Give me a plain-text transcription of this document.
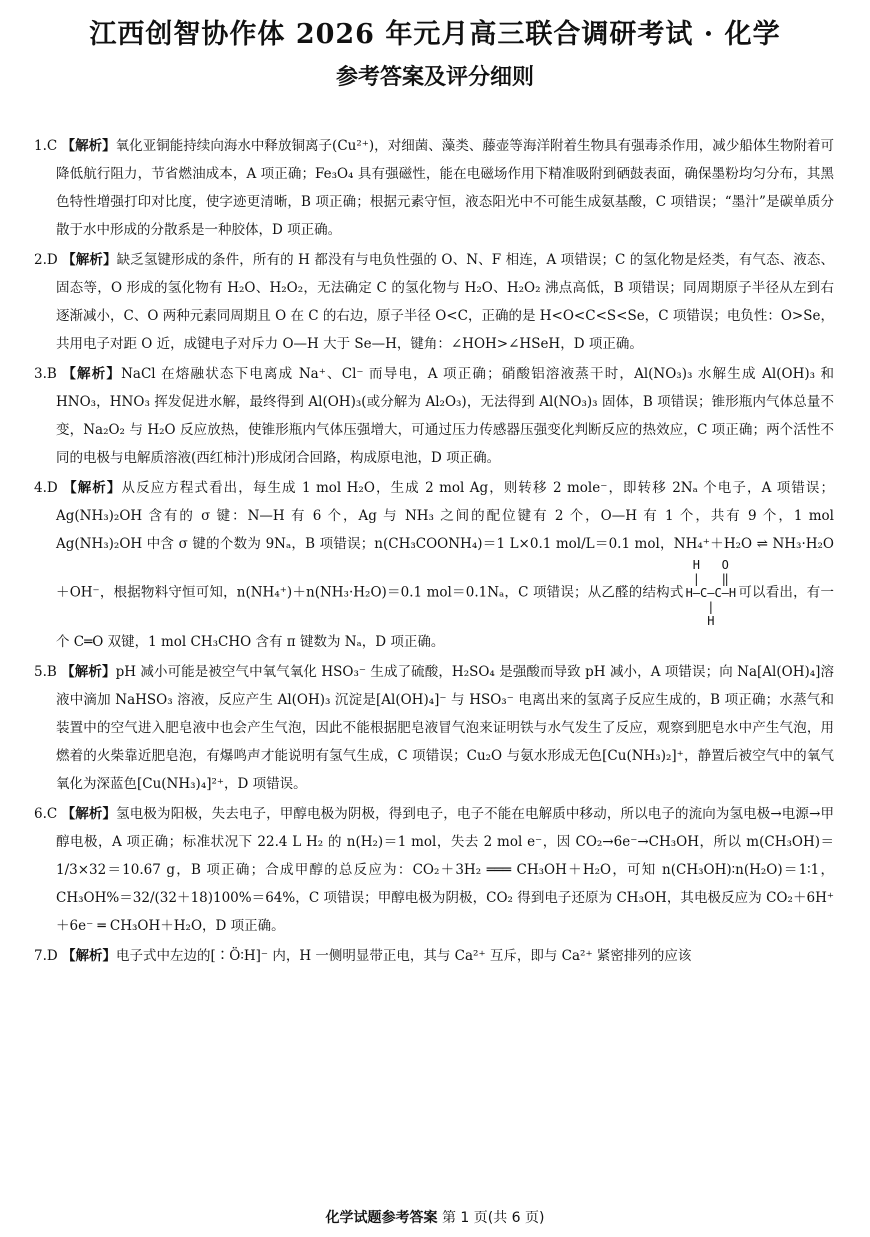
江西创智协作体 2026 年元月高三联合调研考试 · 化学
参考答案及评分细则

1.C 【解析】氧化亚铜能持续向海水中释放铜离子(Cu²⁺)，对细菌、藻类、藤壶等海洋附着生物具有强毒杀作用，减少船体生物附着可降低航行阻力，节省燃油成本，A 项正确；Fe₃O₄ 具有强磁性，能在电磁场作用下精准吸附到硒鼓表面，确保墨粉均匀分布，其黑色特性增强打印对比度，使字迹更清晰，B 项正确；根据元素守恒，液态阳光中不可能生成氨基酸，C 项错误；“墨汁”是碳单质分散于水中形成的分散系是一种胶体，D 项正确。

2.D 【解析】缺乏氢键形成的条件，所有的 H 都没有与电负性强的 O、N、F 相连，A 项错误；C 的氢化物是烃类，有气态、液态、固态等，O 形成的氢化物有 H₂O、H₂O₂，无法确定 C 的氢化物与 H₂O、H₂O₂ 沸点高低，B 项错误；同周期原子半径从左到右逐渐减小，C、O 两种元素同周期且 O 在 C 的右边，原子半径 O<C，正确的是 H<O<C<S<Se，C 项错误；电负性：O>Se，共用电子对距 O 近，成键电子对斥力 O—H 大于 Se—H，键角：∠HOH>∠HSeH，D 项正确。

3.B 【解析】NaCl 在熔融状态下电离成 Na⁺、Cl⁻ 而导电，A 项正确；硝酸铝溶液蒸干时，Al(NO₃)₃ 水解生成 Al(OH)₃ 和 HNO₃，HNO₃ 挥发促进水解，最终得到 Al(OH)₃(或分解为 Al₂O₃)，无法得到 Al(NO₃)₃ 固体，B 项错误；锥形瓶内气体总量不变，Na₂O₂ 与 H₂O 反应放热，使锥形瓶内气体压强增大，可通过压力传感器压强变化判断反应的热效应，C 项正确；两个活性不同的电极与电解质溶液(西红柿汁)形成闭合回路，构成原电池，D 项正确。

4.D 【解析】从反应方程式看出，每生成 1 mol H₂O，生成 2 mol Ag，则转移 2 mole⁻，即转移 2Nₐ 个电子，A 项错误；Ag(NH₃)₂OH 含有的 σ 键：N—H 有 6 个，Ag 与 NH₃ 之间的配位键有 2 个，O—H 有 1 个，共有 9 个，1 mol Ag(NH₃)₂OH 中含 σ 键的个数为 9Nₐ，B 项错误；n(CH₃COONH₄)＝1 L×0.1 mol/L＝0.1 mol，NH₄⁺＋H₂O ⇌ NH₃·H₂O＋OH⁻，根据物料守恒可知，n(NH₄⁺)＋n(NH₃·H₂O)＝0.1 mol＝0.1Nₐ，C 项错误；从乙醛的结构式
H   O
|   ‖
H—C—C—H
|
H
可以看出，有一个 C═O 双键，1 mol CH₃CHO 含有 π 键数为 Nₐ，D 项正确。

5.B 【解析】pH 减小可能是被空气中氧气氧化 HSO₃⁻ 生成了硫酸，H₂SO₄ 是强酸而导致 pH 减小，A 项错误；向 Na[Al(OH)₄]溶液中滴加 NaHSO₃ 溶液，反应产生 Al(OH)₃ 沉淀是[Al(OH)₄]⁻ 与 HSO₃⁻ 电离出来的氢离子反应生成的，B 项正确；水蒸气和装置中的空气进入肥皂液中也会产生气泡，因此不能根据肥皂液冒气泡来证明铁与水气发生了反应，观察到肥皂水中产生气泡，用燃着的火柴靠近肥皂泡，有爆鸣声才能说明有氢气生成，C 项错误；Cu₂O 与氨水形成无色[Cu(NH₃)₂]⁺，静置后被空气中的氧气氧化为深蓝色[Cu(NH₃)₄]²⁺，D 项错误。

6.C 【解析】氢电极为阳极，失去电子，甲醇电极为阴极，得到电子，电子不能在电解质中移动，所以电子的流向为氢电极→电源→甲醇电极，A 项正确；标准状况下 22.4 L H₂ 的 n(H₂)＝1 mol，失去 2 mol e⁻，因 CO₂→6e⁻→CH₃OH，所以 m(CH₃OH)＝1/3×32＝10.67 g，B 项正确；合成甲醇的总反应为：CO₂＋3H₂ ═══ CH₃OH＋H₂O，可知 n(CH₃OH)∶n(H₂O)＝1∶1，CH₃OH%＝32/(32＋18)100%＝64%，C 项错误；甲醇电极为阴极，CO₂ 得到电子还原为 CH₃OH，其电极反应为 CO₂＋6H⁺＋6e⁻ ═ CH₃OH＋H₂O，D 项正确。

7.D 【解析】电子式中左边的[∶Ö∶H]⁻ 内，H 一侧明显带正电，其与 Ca²⁺ 互斥，即与 Ca²⁺ 紧密排列的应该

化学试题参考答案 第 1 页(共 6 页)
